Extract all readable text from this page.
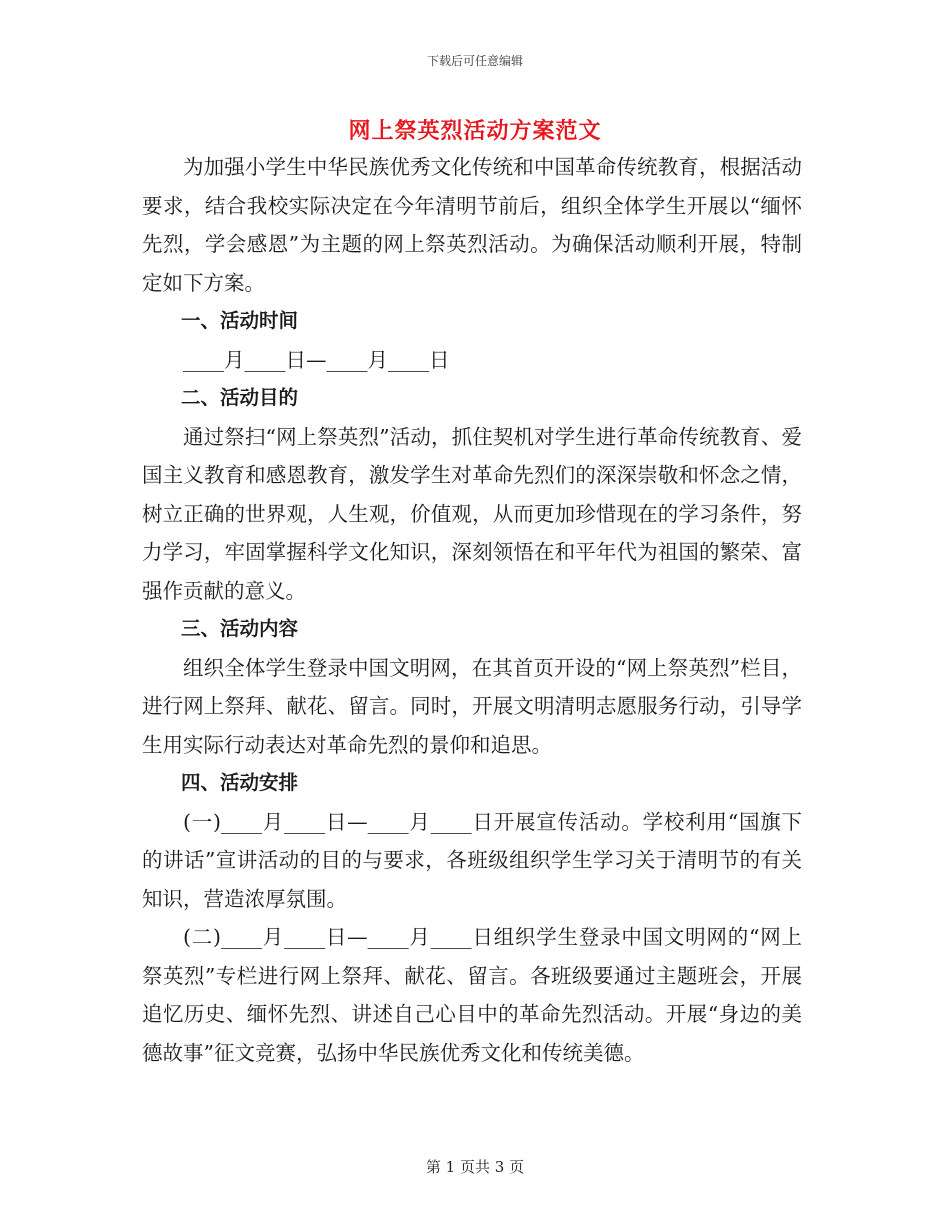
下载后可任意编辑
网上祭英烈活动方案范文

为加强小学生中华民族优秀文化传统和中国革命传统教育，根据活动要求，结合我校实际决定在今年清明节前后，组织全体学生开展以“缅怀先烈，学会感恩”为主题的网上祭英烈活动。为确保活动顺利开展，特制定如下方案。

一、活动时间

____月____日—____月____日

二、活动目的

通过祭扫“网上祭英烈”活动，抓住契机对学生进行革命传统教育、爱国主义教育和感恩教育，激发学生对革命先烈们的深深崇敬和怀念之情，树立正确的世界观，人生观，价值观，从而更加珍惜现在的学习条件，努力学习，牢固掌握科学文化知识，深刻领悟在和平年代为祖国的繁荣、富强作贡献的意义。

三、活动内容

组织全体学生登录中国文明网，在其首页开设的“网上祭英烈”栏目，进行网上祭拜、献花、留言。同时，开展文明清明志愿服务行动，引导学生用实际行动表达对革命先烈的景仰和追思。

四、活动安排

(一)____月____日—____月____日开展宣传活动。学校利用“国旗下的讲话”宣讲活动的目的与要求，各班级组织学生学习关于清明节的有关知识，营造浓厚氛围。

(二)____月____日—____月____日组织学生登录中国文明网的“网上祭英烈”专栏进行网上祭拜、献花、留言。各班级要通过主题班会，开展追忆历史、缅怀先烈、讲述自己心目中的革命先烈活动。开展“身边的美德故事”征文竞赛，弘扬中华民族优秀文化和传统美德。

第 1 页共 3 页
